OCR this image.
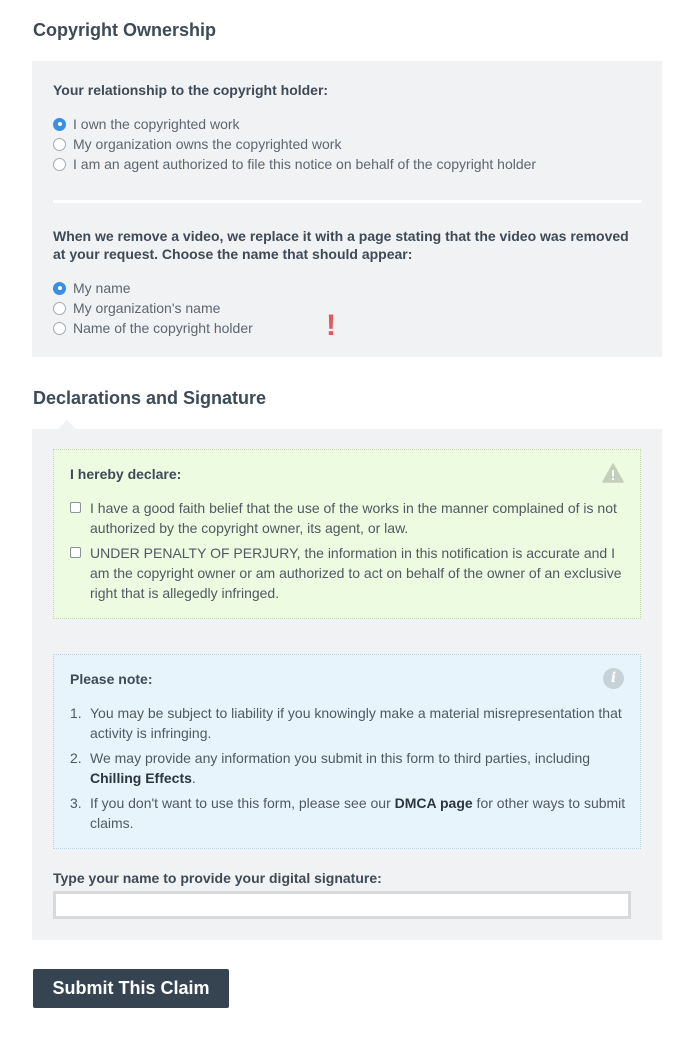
Copyright Ownership
Your relationship to the copyright holder:
I own the copyrighted work
My organization owns the copyrighted work
I am an agent authorized to file this notice on behalf of the copyright holder
When we remove a video, we replace it with a page stating that the video was removed at your request. Choose the name that should appear:
My name
My organization's name
Name of the copyright holder !
Declarations and Signature
I hereby declare:
I have a good faith belief that the use of the works in the manner complained of is not authorized by the copyright owner, its agent, or law.
UNDER PENALTY OF PERJURY, the information in this notification is accurate and I am the copyright owner or am authorized to act on behalf of the owner of an exclusive right that is allegedly infringed.
Please note:	i
1. You may be subject to liability if you knowingly make a material misrepresentation that activity is infringing.
2. We may provide any information you submit in this form to third parties, including Chilling Effects.
3. If you don't want to use this form, please see our DMCA page for other ways to submit claims.
Type your name to provide your digital signature:
Submit This Claim
